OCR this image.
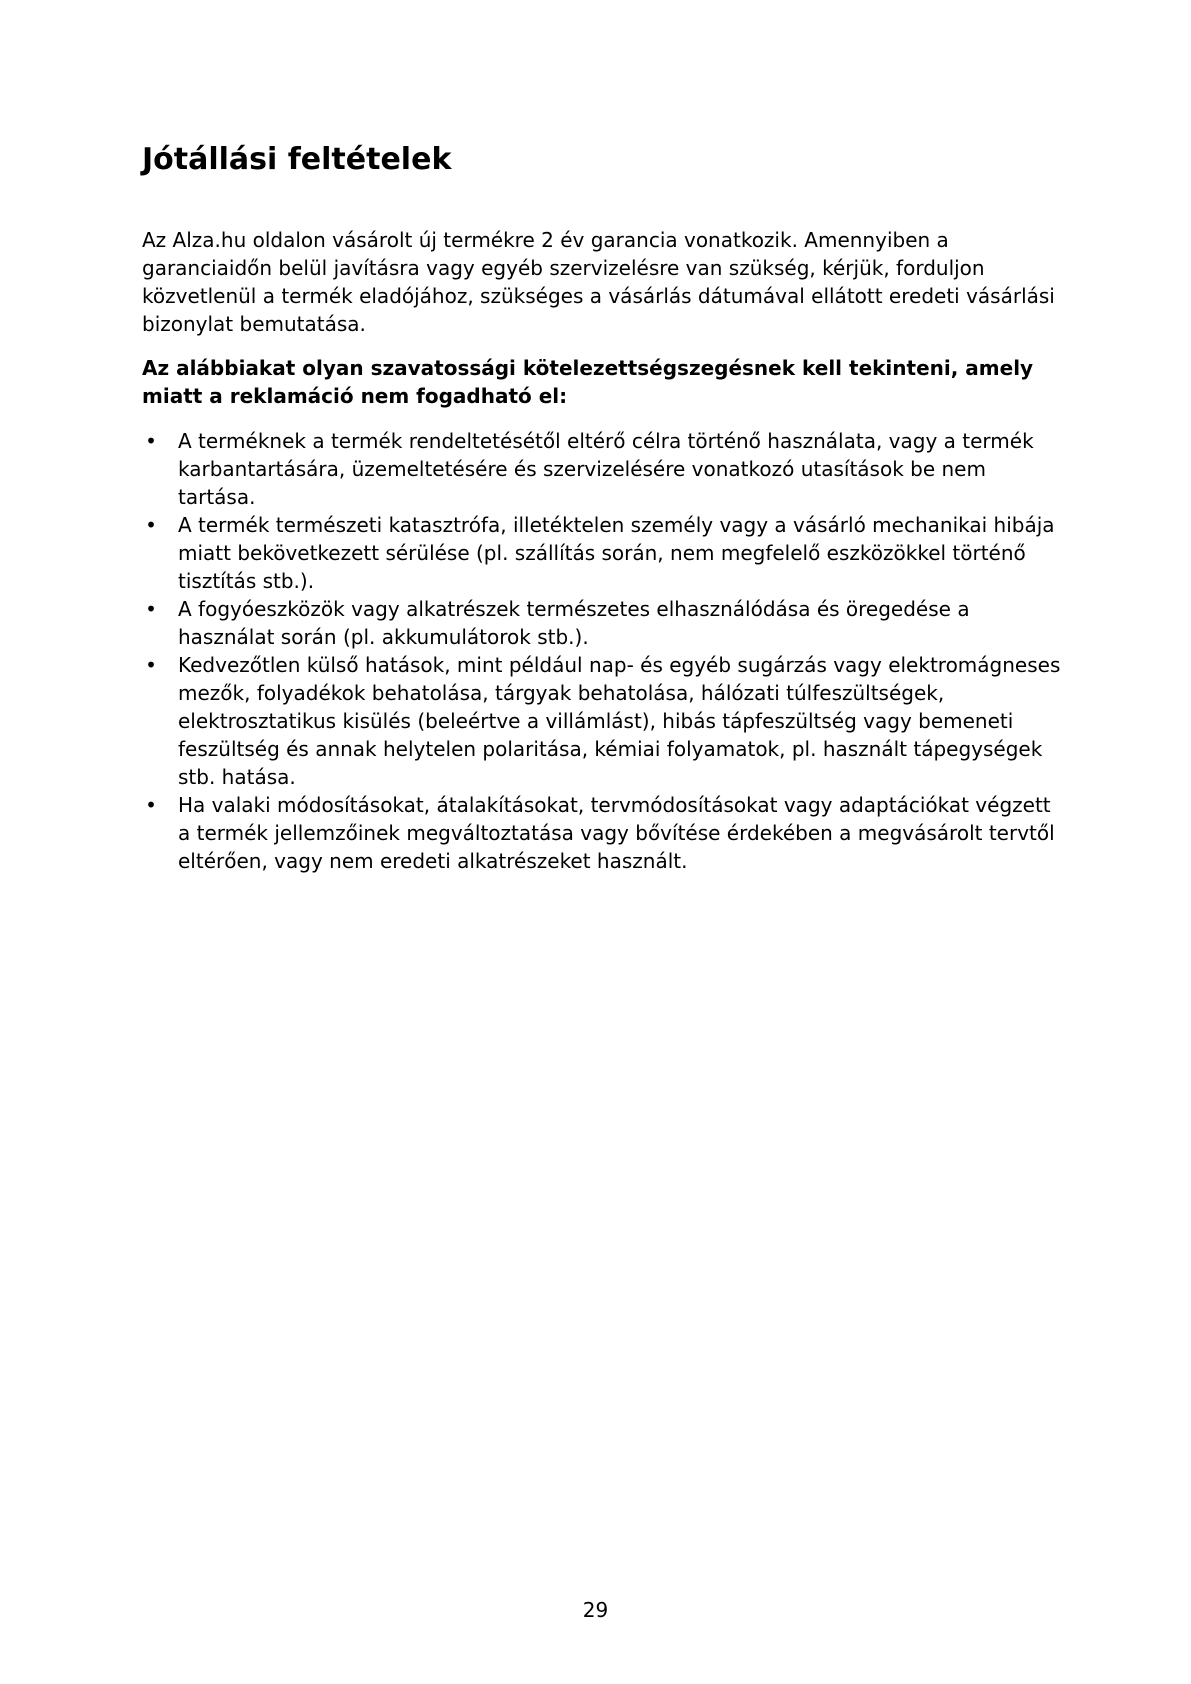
Jótállási feltételek

Az Alza.hu oldalon vásárolt új termékre 2 év garancia vonatkozik. Amennyiben a garanciaidőn belül javításra vagy egyéb szervizelésre van szükség, kérjük, forduljon közvetlenül a termék eladójához, szükséges a vásárlás dátumával ellátott eredeti vásárlási bizonylat bemutatása.

Az alábbiakat olyan szavatossági kötelezettségszegésnek kell tekinteni, amely miatt a reklamáció nem fogadható el:

• A terméknek a termék rendeltetésétől eltérő célra történő használata, vagy a termék karbantartására, üzemeltetésére és szervizelésére vonatkozó utasítások be nem tartása.
• A termék természeti katasztrófa, illetéktelen személy vagy a vásárló mechanikai hibája miatt bekövetkezett sérülése (pl. szállítás során, nem megfelelő eszközökkel történő tisztítás stb.).
• A fogyóeszközök vagy alkatrészek természetes elhasználódása és öregedése a használat során (pl. akkumulátorok stb.).
• Kedvezőtlen külső hatások, mint például nap- és egyéb sugárzás vagy elektromágneses mezők, folyadékok behatolása, tárgyak behatolása, hálózati túlfeszültségek, elektrosztatikus kisülés (beleértve a villámlást), hibás tápfeszültség vagy bemeneti feszültség és annak helytelen polaritása, kémiai folyamatok, pl. használt tápegységek stb. hatása.
• Ha valaki módosításokat, átalakításokat, tervmódosításokat vagy adaptációkat végzett a termék jellemzőinek megváltoztatása vagy bővítése érdekében a megvásárolt tervtől eltérően, vagy nem eredeti alkatrészeket használt.
29
